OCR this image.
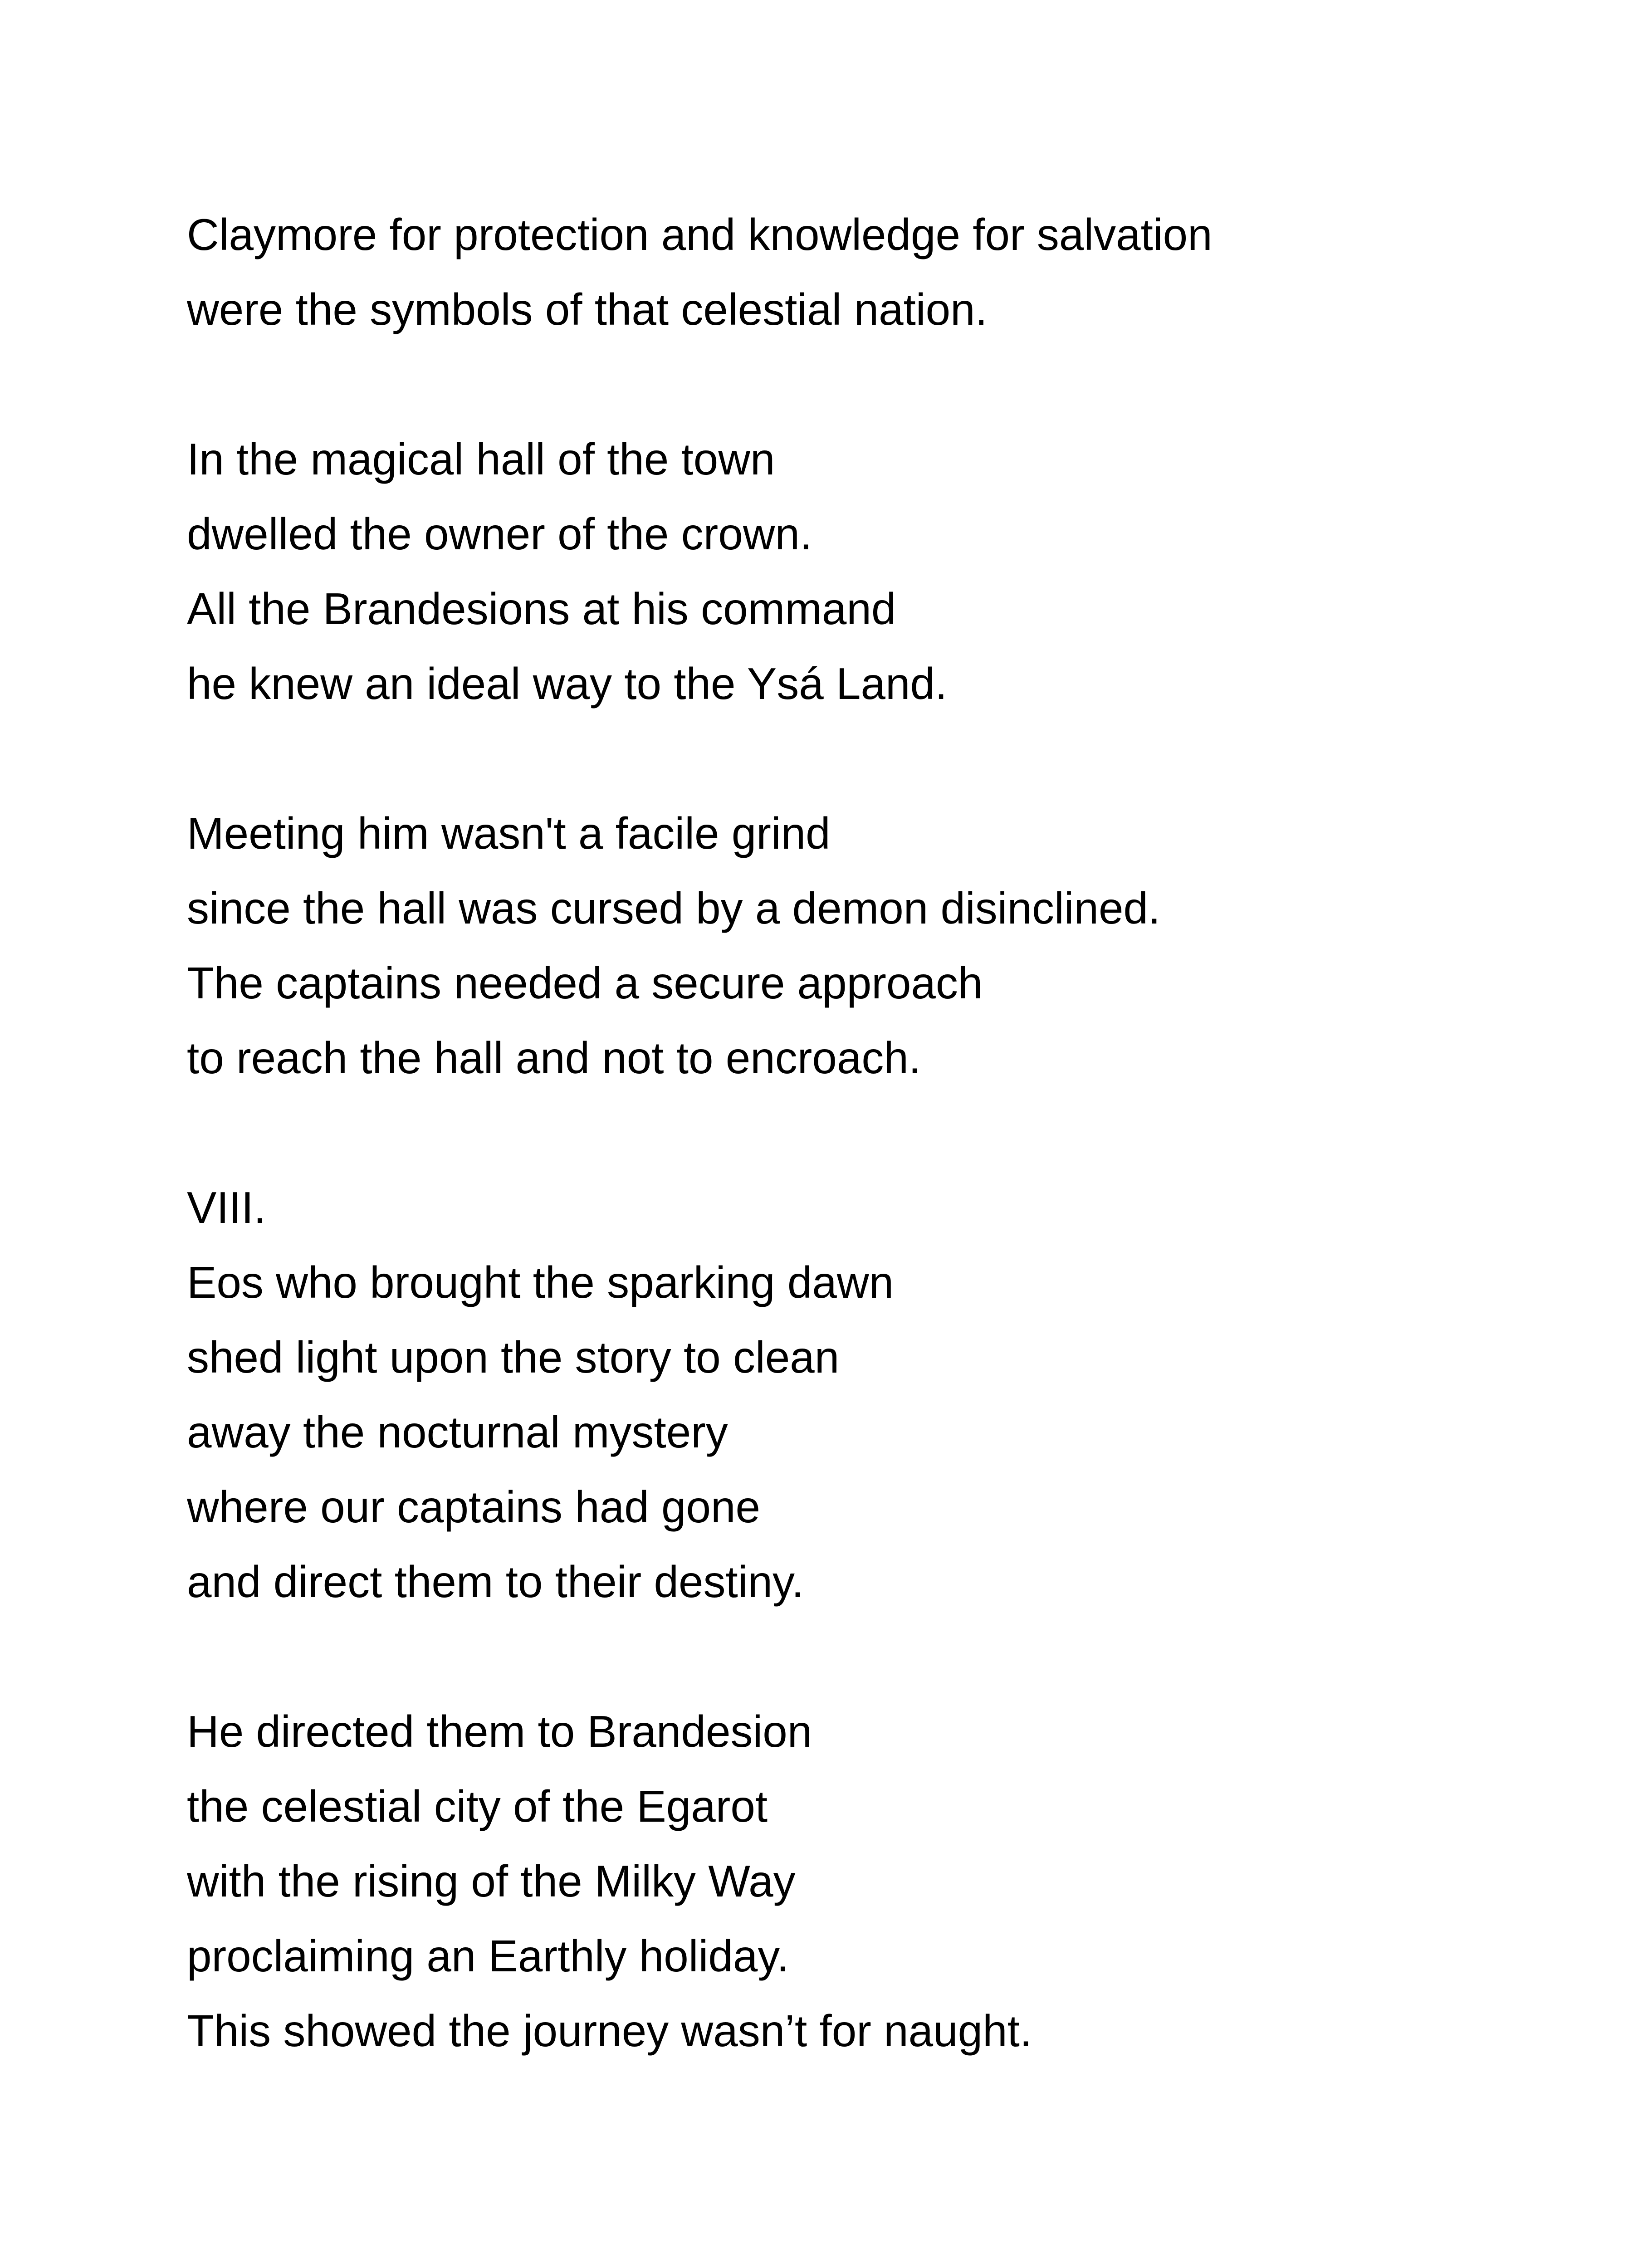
Claymore for protection and knowledge for salvation
were the symbols of that celestial nation.
In the magical hall of the town
dwelled the owner of the crown.
All the Brandesions at his command
he knew an ideal way to the Ysá Land.
Meeting him wasn't a facile grind
since the hall was cursed by a demon disinclined.
The captains needed a secure approach
to reach the hall and not to encroach.
VIII.
Eos who brought the sparking dawn
shed light upon the story to clean
away the nocturnal mystery
where our captains had gone
and direct them to their destiny.
He directed them to Brandesion
the celestial city of the Egarot
with the rising of the Milky Way
proclaiming an Earthly holiday.
This showed the journey wasn’t for naught.
